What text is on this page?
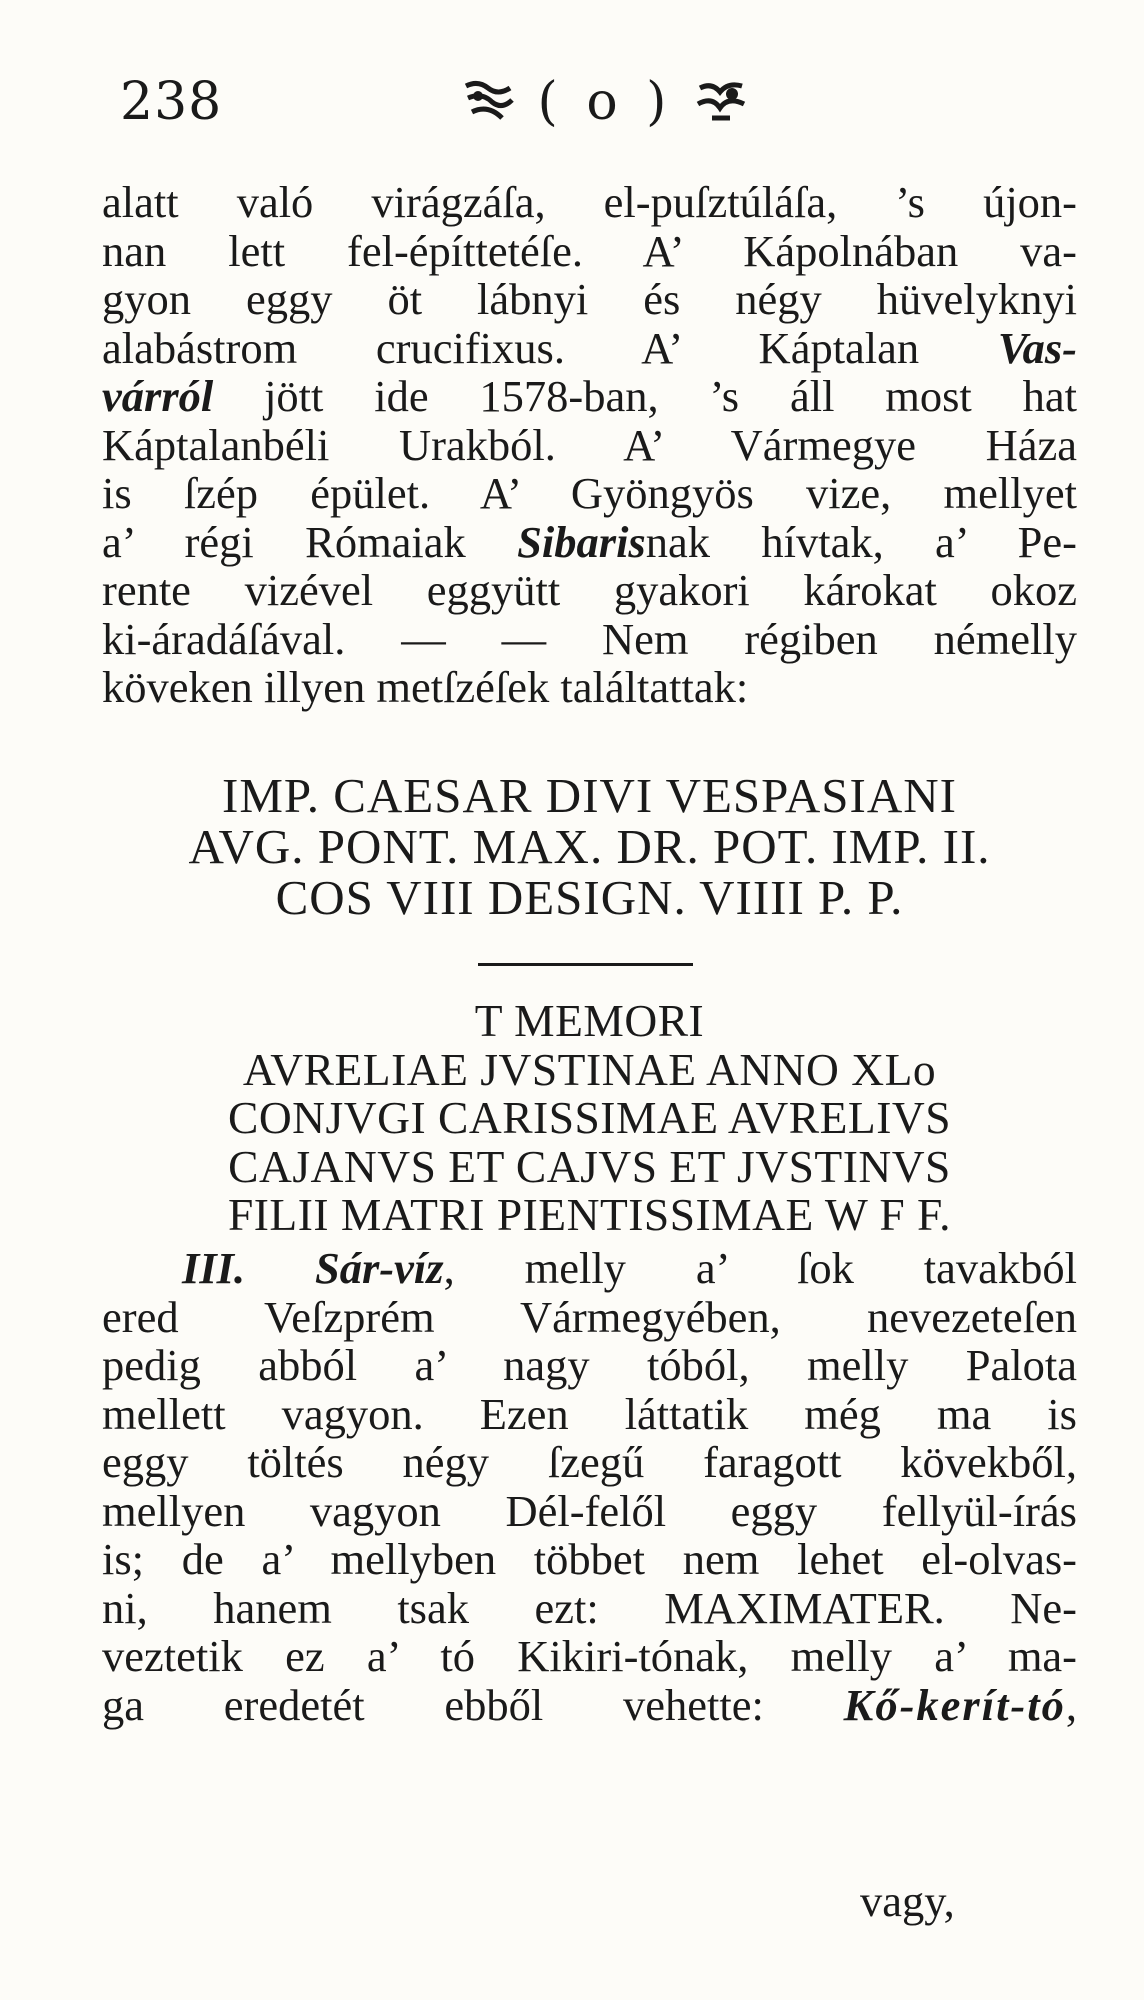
238	( o )
alatt való virágzáſa, el-puſztúláſa, ’s újon-
nan lett fel-építtetéſe. A’ Kápolnában va-
gyon eggy öt lábnyi és négy hüvelyknyi
alabástrom crucifixus. A’ Káptalan Vas-
várról jött ide 1578-ban, ’s áll most hat
Káptalanbéli Urakból. A’ Vármegye Háza
is ſzép épület. A’ Gyöngyös vize, mellyet
a’ régi Rómaiak Sibarisnak hívtak, a’ Pe-
rente vizével eggyütt gyakori károkat okoz
ki-áradáſával. — — Nem régiben némelly
köveken illyen metſzéſek találtattak:
IMP. CAESAR DIVI VESPASIANI
AVG. PONT. MAX. DR. POT. IMP. II.
COS VIII DESIGN. VIIII P. P.
T MEMORI
AVRELIAE JVSTINAE ANNO XLo
CONJVGI CARISSIMAE AVRELIVS
CAJANVS ET CAJVS ET JVSTINVS
FILII MATRI PIENTISSIMAE W F F.
III. Sár-víz, melly a’ ſok tavakból
ered Veſzprém Vármegyében, nevezeteſen
pedig abból a’ nagy tóból, melly Palota
mellett vagyon. Ezen láttatik még ma is
eggy töltés négy ſzegű faragott kövekből,
mellyen vagyon Dél-felől eggy fellyül-írás
is; de a’ mellyben többet nem lehet el-olvas-
ni, hanem tsak ezt: MAXIMATER. Ne-
veztetik ez a’ tó Kikiri-tónak, melly a’ ma-
ga eredetét ebből vehette: Kő-kerít-tó,
vagy,
